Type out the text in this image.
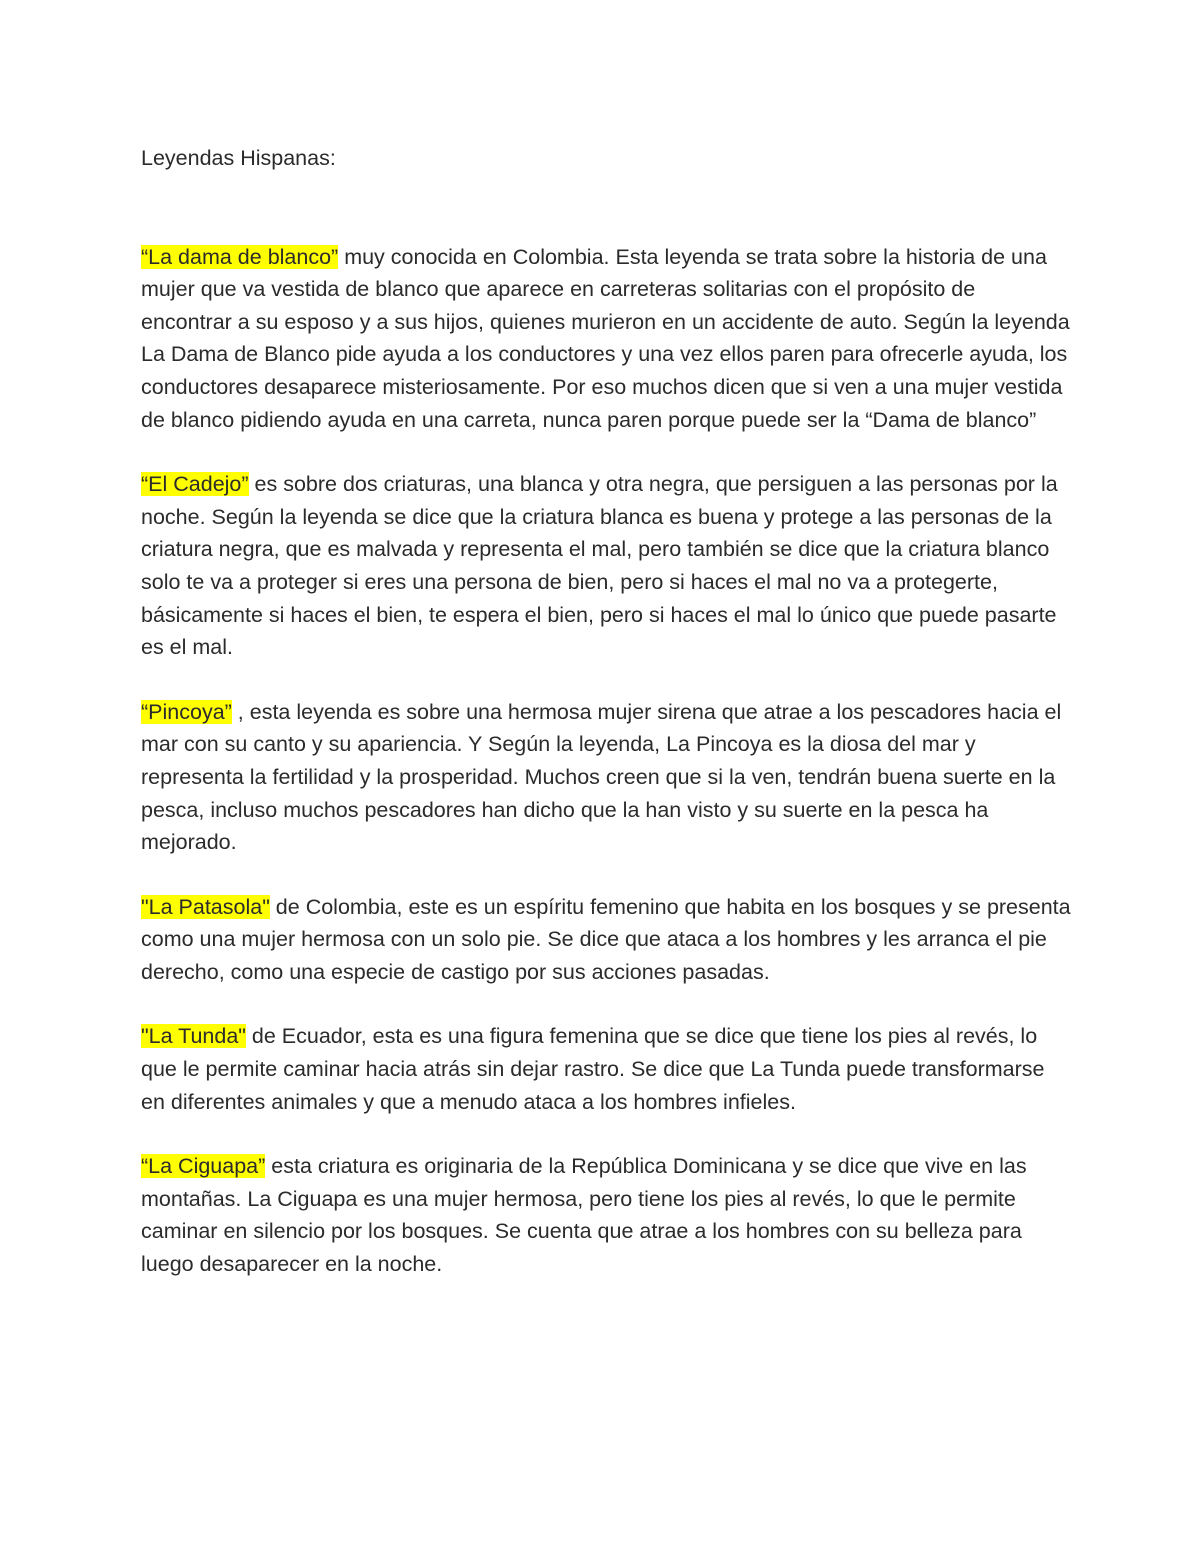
Leyendas Hispanas:

“La dama de blanco” muy conocida en Colombia. Esta leyenda se trata sobre la historia de una mujer que va vestida de blanco que aparece en carreteras solitarias con el propósito de encontrar a su esposo y a sus hijos, quienes murieron en un accidente de auto. Según la leyenda La Dama de Blanco pide ayuda a los conductores y una vez ellos paren para ofrecerle ayuda, los conductores desaparece misteriosamente. Por eso muchos dicen que si ven a una mujer vestida de blanco pidiendo ayuda en una carreta, nunca paren porque puede ser la “Dama de blanco”

“El Cadejo” es sobre dos criaturas, una blanca y otra negra, que persiguen a las personas por la noche. Según la leyenda se dice que la criatura blanca es buena y protege a las personas de la criatura negra, que es malvada y representa el mal, pero también se dice que la criatura blanco solo te va a proteger si eres una persona de bien, pero si haces el mal no va a protegerte, básicamente si haces el bien, te espera el bien, pero si haces el mal lo único que puede pasarte es el mal.

“Pincoya” , esta leyenda es sobre una hermosa mujer sirena que atrae a los pescadores hacia el mar con su canto y su apariencia. Y Según la leyenda, La Pincoya es la diosa del mar y representa la fertilidad y la prosperidad. Muchos creen que si la ven, tendrán buena suerte en la pesca, incluso muchos pescadores han dicho que la han visto y su suerte en la pesca ha mejorado.

"La Patasola" de Colombia, este es un espíritu femenino que habita en los bosques y se presenta como una mujer hermosa con un solo pie. Se dice que ataca a los hombres y les arranca el pie derecho, como una especie de castigo por sus acciones pasadas.

"La Tunda" de Ecuador, esta es una figura femenina que se dice que tiene los pies al revés, lo que le permite caminar hacia atrás sin dejar rastro. Se dice que La Tunda puede transformarse en diferentes animales y que a menudo ataca a los hombres infieles.

“La Ciguapa” esta criatura es originaria de la República Dominicana y se dice que vive en las montañas. La Ciguapa es una mujer hermosa, pero tiene los pies al revés, lo que le permite caminar en silencio por los bosques. Se cuenta que atrae a los hombres con su belleza para luego desaparecer en la noche.
